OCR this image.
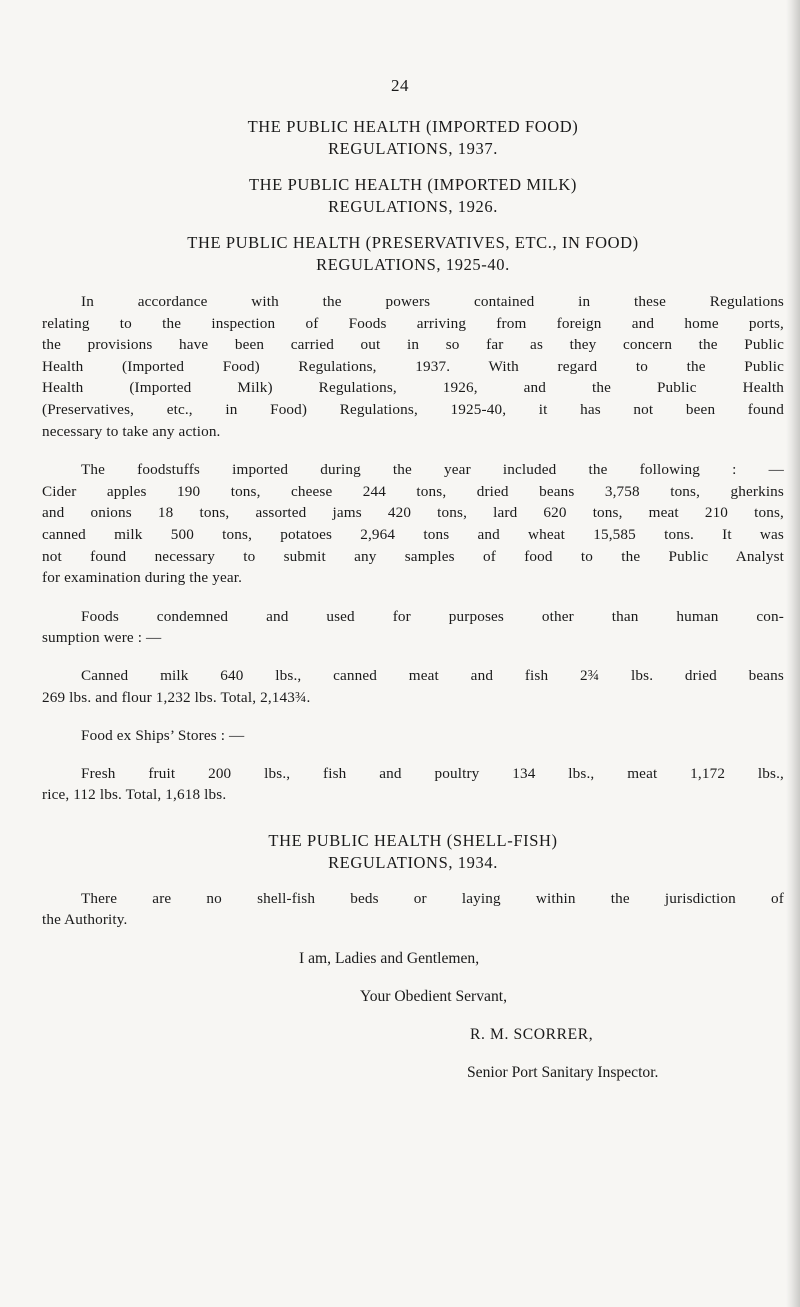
24
THE PUBLIC HEALTH (IMPORTED FOOD)
REGULATIONS, 1937.
THE PUBLIC HEALTH (IMPORTED MILK)
REGULATIONS, 1926.
THE PUBLIC HEALTH (PRESERVATIVES, ETC., IN FOOD)
REGULATIONS, 1925-40.
In accordance with the powers contained in these Regulations
relating to the inspection of Foods arriving from foreign and home ports,
the provisions have been carried out in so far as they concern the Public
Health (Imported Food) Regulations, 1937. With regard to the Public
Health (Imported Milk) Regulations, 1926, and the Public Health
(Preservatives, etc., in Food) Regulations, 1925-40, it has not been found
necessary to take any action.
The foodstuffs imported during the year included the following : —
Cider apples 190 tons, cheese 244 tons, dried beans 3,758 tons, gherkins
and onions 18 tons, assorted jams 420 tons, lard 620 tons, meat 210 tons,
canned milk 500 tons, potatoes 2,964 tons and wheat 15,585 tons. It was
not found necessary to submit any samples of food to the Public Analyst
for examination during the year.
Foods condemned and used for purposes other than human con-
sumption were : —
Canned milk 640 lbs., canned meat and fish 2¾ lbs. dried beans
269 lbs. and flour 1,232 lbs. Total, 2,143¾.
Food ex Ships’ Stores : —
Fresh fruit 200 lbs., fish and poultry 134 lbs., meat 1,172 lbs.,
rice, 112 lbs. Total, 1,618 lbs.
THE PUBLIC HEALTH (SHELL-FISH)
REGULATIONS, 1934.
There are no shell-fish beds or laying within the jurisdiction of
the Authority.

I am, Ladies and Gentlemen,

Your Obedient Servant,

R. M. SCORRER,

Senior Port Sanitary Inspector.
